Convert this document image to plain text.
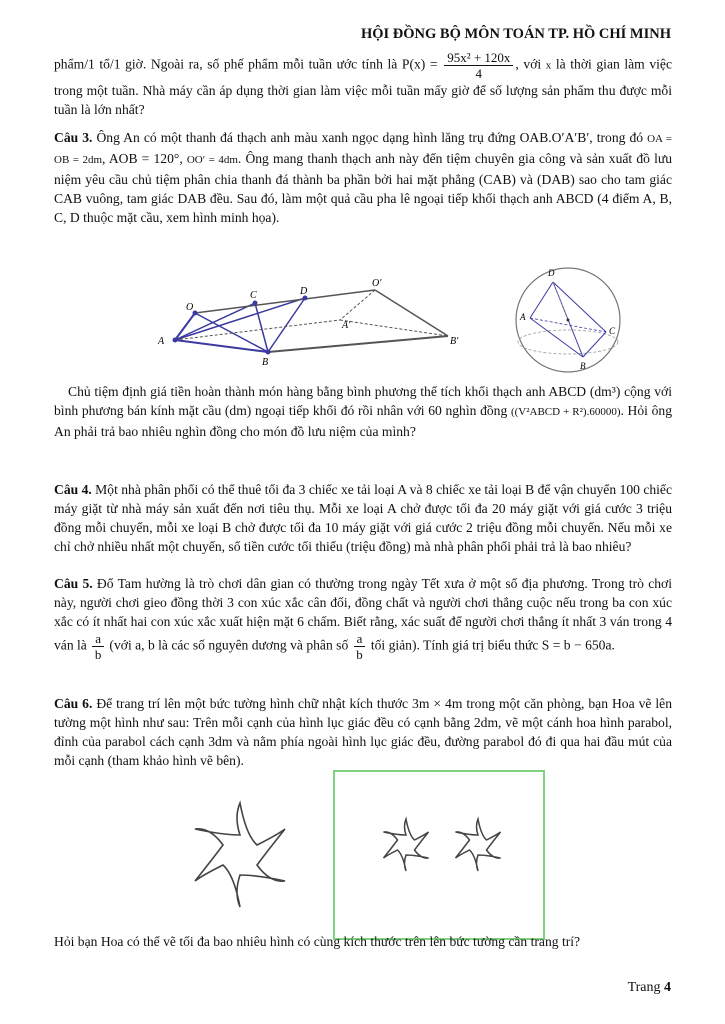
HỘI ĐỒNG BỘ MÔN TOÁN TP. HỒ CHÍ MINH
phẩm/1 tổ/1 giờ. Ngoài ra, số phế phẩm mỗi tuần ước tính là $P(x) = \frac{\text{95x² + 120x}}{4}$ , với x là thời gian làm việc trong một tuần. Nhà máy cần áp dụng thời gian làm việc mỗi tuần mấy giờ để số lượng sản phẩm thu được mỗi tuần là lớn nhất?
Câu 3. Ông An có một thanh đá thạch anh màu xanh ngọc dạng hình lăng trụ đứng OAB.O′A′B′, trong đó OA = OB = 2dm, AOB = 120°, OO′ = 4dm. Ông mang thanh thạch anh này đến tiệm chuyên gia công và sản xuất đồ lưu niệm yêu cầu chủ tiệm phân chia thanh đá thành ba phần bởi hai mặt phẳng (CAB) và (DAB) sao cho tam giác CAB vuông, tam giác DAB đều. Sau đó, làm một quả cầu pha lê ngoại tiếp khối thạch anh ABCD (4 điểm A, B, C, D thuộc mặt cầu, xem hình minh họa).
A
O
C	D
O′
A′
B
B′
D
A
B
C
Chủ tiệm định giá tiền hoàn thành món hàng bằng bình phương thể tích khối thạch anh ABCD (dm³) cộng với bình phương bán kính mặt cầu (dm) ngoại tiếp khối đó rồi nhân với 60 nghìn đồng ((V²ABCD + R²).60000). Hỏi ông An phải trả bao nhiêu nghìn đồng cho món đồ lưu niệm của mình?
Câu 4. Một nhà phân phối có thể thuê tối đa 3 chiếc xe tải loại A và 8 chiếc xe tải loại B để vận chuyển 100 chiếc máy giặt từ nhà máy sản xuất đến nơi tiêu thụ. Mỗi xe loại A chở được tối đa 20 máy giặt với giá cước 3 triệu đồng mỗi chuyến, mỗi xe loại B chở được tối đa 10 máy giặt với giá cước 2 triệu đồng mỗi chuyến. Nếu mỗi xe chỉ chở nhiều nhất một chuyến, số tiền cước tối thiểu (triệu đồng) mà nhà phân phối phải trả là bao nhiêu?
Câu 5. Đổ Tam hường là trò chơi dân gian có thường trong ngày Tết xưa ở một số địa phương. Trong trò chơi này, người chơi gieo đồng thời 3 con xúc xắc cân đối, đồng chất và người chơi thắng cuộc nếu trong ba con xúc xắc có ít nhất hai con xúc xắc xuất hiện mặt 6 chấm. Biết rằng, xác suất để người chơi thắng ít nhất 3 ván trong 4 ván là $\frac{a}{b}$ (với a, b là các số nguyên dương và phân số $\frac{a}{b}$ tối giản). Tính giá trị biểu thức S = b − 650a.
Câu 6. Để trang trí lên một bức tường hình chữ nhật kích thước 3m × 4m trong một căn phòng, bạn Hoa vẽ lên tường một hình như sau: Trên mỗi cạnh của hình lục giác đều có cạnh bằng 2dm, vẽ một cánh hoa hình parabol, đỉnh của parabol cách cạnh 3dm và nằm phía ngoài hình lục giác đều, đường parabol đó đi qua hai đầu mút của mỗi cạnh (tham khảo hình vẽ bên).
Hỏi bạn Hoa có thể vẽ tối đa bao nhiêu hình có cùng kích thước trên lên bức tường cần trang trí?
Trang 4
